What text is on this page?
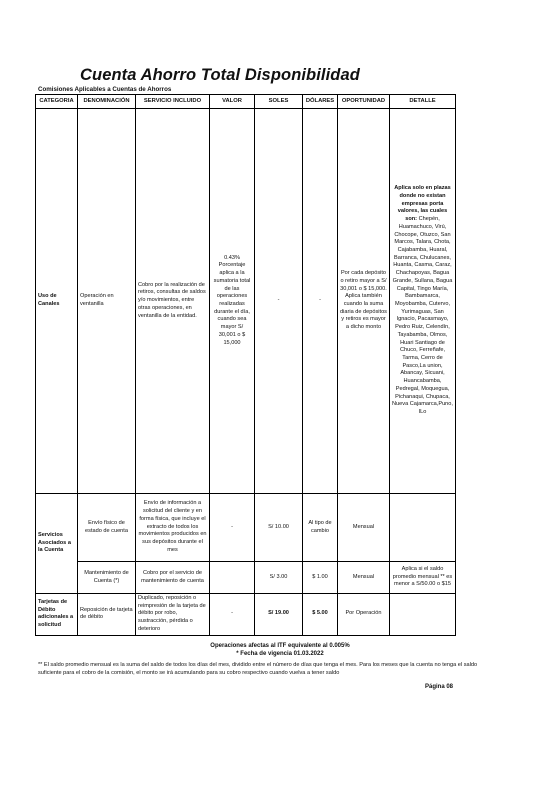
Cuenta Ahorro Total Disponibilidad
Comisiones Aplicables a Cuentas de Ahorros
CATEGORIA	DENOMINACIÓN	SERVICIO INCLUIDO	VALOR	SOLES	DÓLARES	OPORTUNIDAD	DETALLE
Uso de Canales	Operación en ventanilla	Cobro por la realización de retiros, consultas de saldos y/o movimientos, entre otras operaciones, en ventanilla de la entidad.	0.43% Porcentaje aplica a la sumatoria total de las operaciones realizadas durante el día, cuando sea mayor S/ 30,001 o $ 15,000	-	-	Por cada depósito o retiro mayor a S/ 30,001 o $ 15,000. Aplica también cuando la suma diaria de depósitos y retiros es mayor a dicho monto	Aplica solo en plazas donde no existan empresas porta valores, las cuales son: Chepén, Huamachuco, Virú, Chocope, Otuzco, San Marcos, Talara, Chota, Cajabamba, Huaral, Barranca, Chulucanes, Huanta, Casma, Caraz, Chachapoyas, Bagua Grande, Sullana, Bagua Capital, Tingo María, Bambamarca, Moyobamba, Cutervo, Yurimaguas, San Ignacio, Pacasmayo, Pedro Ruiz, Celendín, Tayabamba, Olmos, Huari Santiago de Chuco, Ferreñafe, Tarma, Cerro de Pasco,La union, Abancay, Sicuani, Huancabamba, Pedregal, Moquegua, Pichanaqui, Chupaca, Nueva Cajamarca,Puno, ILo
Servicios Asociados a la Cuenta	Envío físico de estado de cuenta	Envío de información a solicitud del cliente y en forma física, que incluye el extracto de todos los movimientos producidos en sus depósitos durante el mes	-	S/ 10.00	Al tipo de cambio	Mensual	
	Mantenimiento de Cuenta (*)	Cobro por el servicio de mantenimiento de cuenta		S/ 3.00	$ 1.00	Mensual	Aplica si el saldo promedio mensual ** es menor a S/50.00 o $15
Tarjetas de Débito adicionales a solicitud	Reposición de tarjeta de débito	Duplicado, reposición o reimpresión de la tarjeta de débito por robo, sustracción, pérdida o deterioro	-	S/ 19.00	$ 5.00	Por Operación	
Operaciones afectas al ITF equivalente al 0.005%
* Fecha de vigencia 01.03.2022
** El saldo promedio mensual es la suma del saldo de todos los días del mes, dividido entre el número de días que tenga el mes. Para los meses que la cuenta no tenga el saldo suficiente para el cobro de la comisión, el monto se irá acumulando para su cobro respectivo cuando vuelva a tener saldo
Página 08
